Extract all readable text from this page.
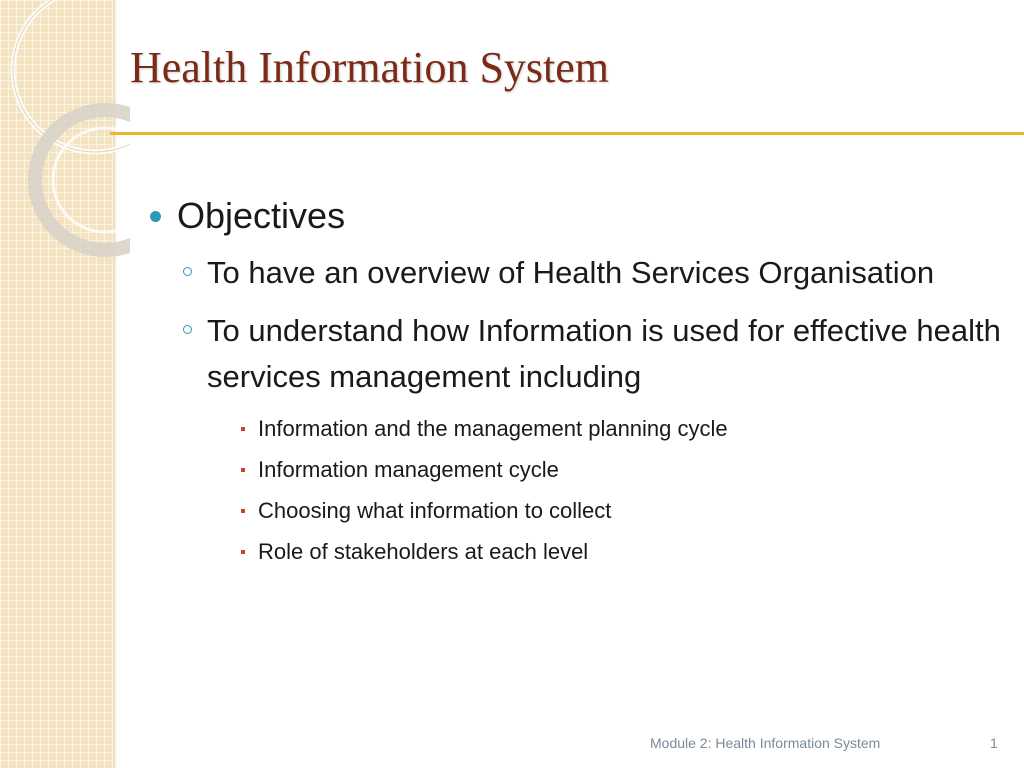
Health Information System
Objectives
To have an overview of Health Services Organisation
To understand how Information is used for effective health services management including
Information and the management planning cycle
Information management cycle
Choosing what information to collect
Role of stakeholders at each level
Module 2: Health Information System	1
